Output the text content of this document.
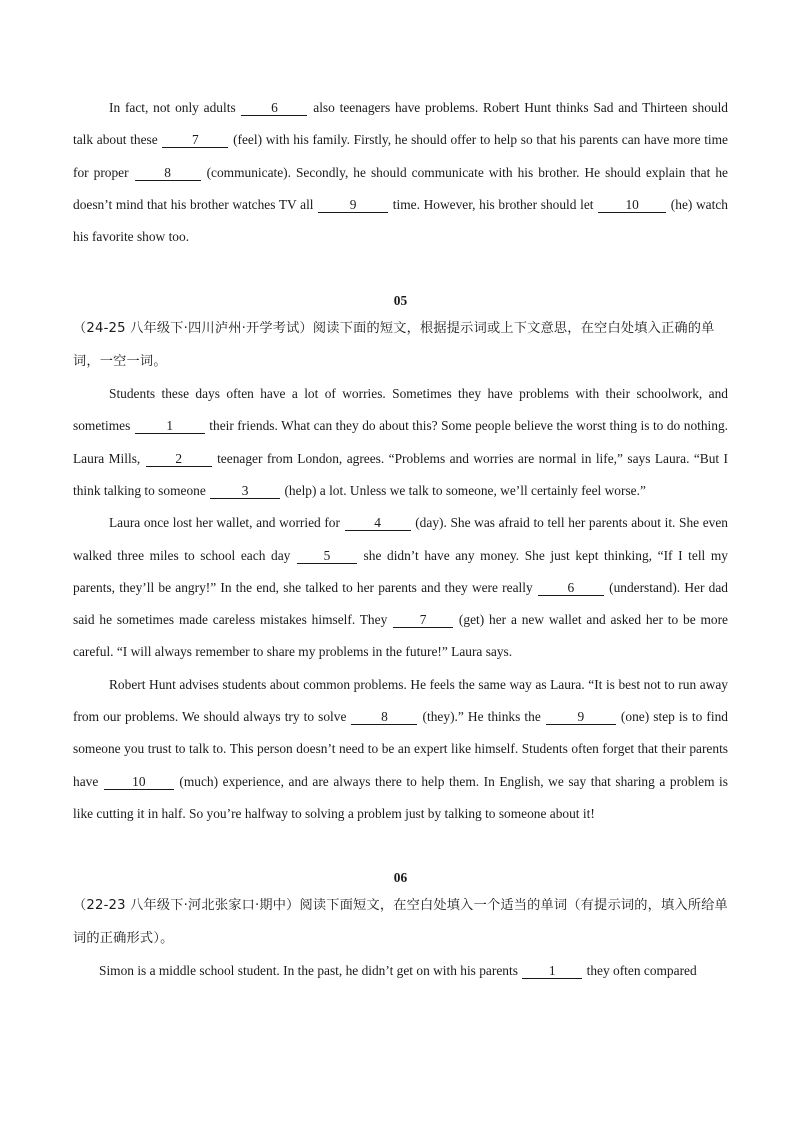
In fact, not only adults 6 also teenagers have problems. Robert Hunt thinks Sad and Thirteen should talk about these 7 (feel) with his family. Firstly, he should offer to help so that his parents can have more time for proper 8 (communicate). Secondly, he should communicate with his brother. He should explain that he doesn’t mind that his brother watches TV all 9 time. However, his brother should let 10 (he) watch his favorite show too.

05

（24-25 八年级下·四川泸州·开学考试）阅读下面的短文，根据提示词或上下文意思，在空白处填入正确的单词，一空一词。

Students these days often have a lot of worries. Sometimes they have problems with their schoolwork, and sometimes 1 their friends. What can they do about this? Some people believe the worst thing is to do nothing. Laura Mills, 2 teenager from London, agrees. “Problems and worries are normal in life,” says Laura. “But I think talking to someone 3 (help) a lot. Unless we talk to someone, we’ll certainly feel worse.”

Laura once lost her wallet, and worried for 4 (day). She was afraid to tell her parents about it. She even walked three miles to school each day 5 she didn’t have any money. She just kept thinking, “If I tell my parents, they’ll be angry!” In the end, she talked to her parents and they were really 6 (understand). Her dad said he sometimes made careless mistakes himself. They 7 (get) her a new wallet and asked her to be more careful. “I will always remember to share my problems in the future!” Laura says.

Robert Hunt advises students about common problems. He feels the same way as Laura. “It is best not to run away from our problems. We should always try to solve 8 (they).” He thinks the 9 (one) step is to find someone you trust to talk to. This person doesn’t need to be an expert like himself. Students often forget that their parents have 10 (much) experience, and are always there to help them. In English, we say that sharing a problem is like cutting it in half. So you’re halfway to solving a problem just by talking to someone about it!

06

（22-23 八年级下·河北张家口·期中）阅读下面短文，在空白处填入一个适当的单词（有提示词的，填入所给单词的正确形式）。

Simon is a middle school student. In the past, he didn’t get on with his parents 1 they often compared
